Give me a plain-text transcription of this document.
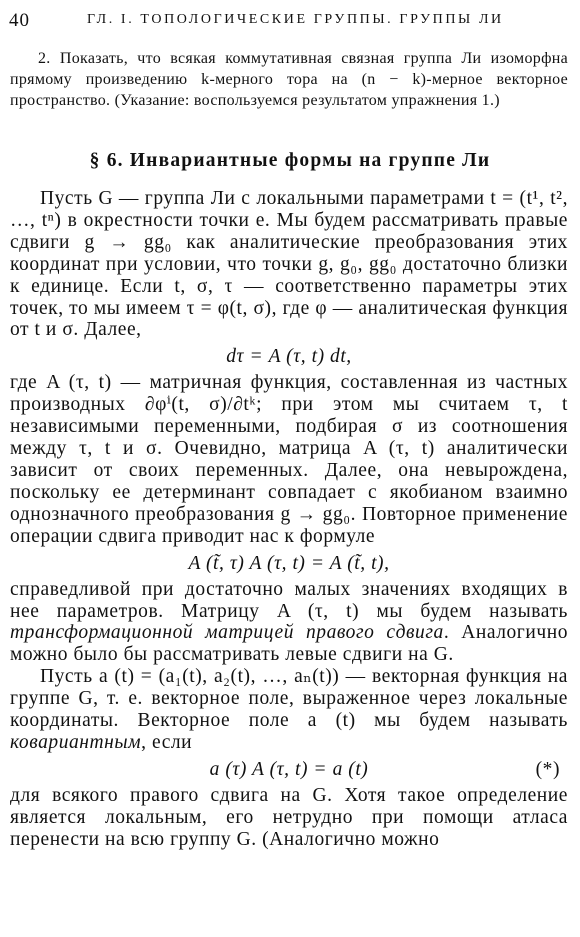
40	ГЛ. I. ТОПОЛОГИЧЕСКИЕ ГРУППЫ. ГРУППЫ ЛИ

2. Показать, что всякая коммутативная связная группа Ли изоморфна прямому произведению k-мерного тора на (n − k)-мерное векторное пространство. (Указание: воспользуемся результатом упражнения 1.)

§ 6. Инвариантные формы на группе Ли

Пусть G — группа Ли с локальными параметрами t = (t¹, t², …, tⁿ) в окрестности точки e. Мы будем рассматривать правые сдвиги g → gg₀ как аналитические преобразования этих координат при условии, что точки g, g₀, gg₀ достаточно близки к единице. Если t, σ, τ — соответственно параметры этих точек, то мы имеем τ = φ(t, σ), где φ — аналитическая функция от t и σ. Далее,

dτ = A (τ, t) dt,

где A (τ, t) — матричная функция, составленная из частных производных ∂φⁱ(t, σ)/∂tᵏ; при этом мы считаем τ, t независимыми переменными, подбирая σ из соотношения между τ, t и σ. Очевидно, матрица A (τ, t) аналитически зависит от своих переменных. Далее, она невырождена, поскольку ее детерминант совпадает с якобианом взаимно однозначного преобразования g → gg₀. Повторное применение операции сдвига приводит нас к формуле

A (t̃, τ) A (τ, t) = A (t̃, t),

справедливой при достаточно малых значениях входящих в нее параметров. Матрицу A (τ, t) мы будем называть трансформационной матрицей правого сдвига. Аналогично можно было бы рассматривать левые сдвиги на G.

Пусть a (t) = (a₁(t), a₂(t), …, aₙ(t)) — векторная функция на группе G, т. е. векторное поле, выраженное через локальные координаты. Векторное поле a (t) мы будем называть ковариантным, если

a (τ) A (τ, t) = a (t)	(*)

для всякого правого сдвига на G. Хотя такое определение является локальным, его нетрудно при помощи атласа перенести на всю группу G. (Аналогично можно
